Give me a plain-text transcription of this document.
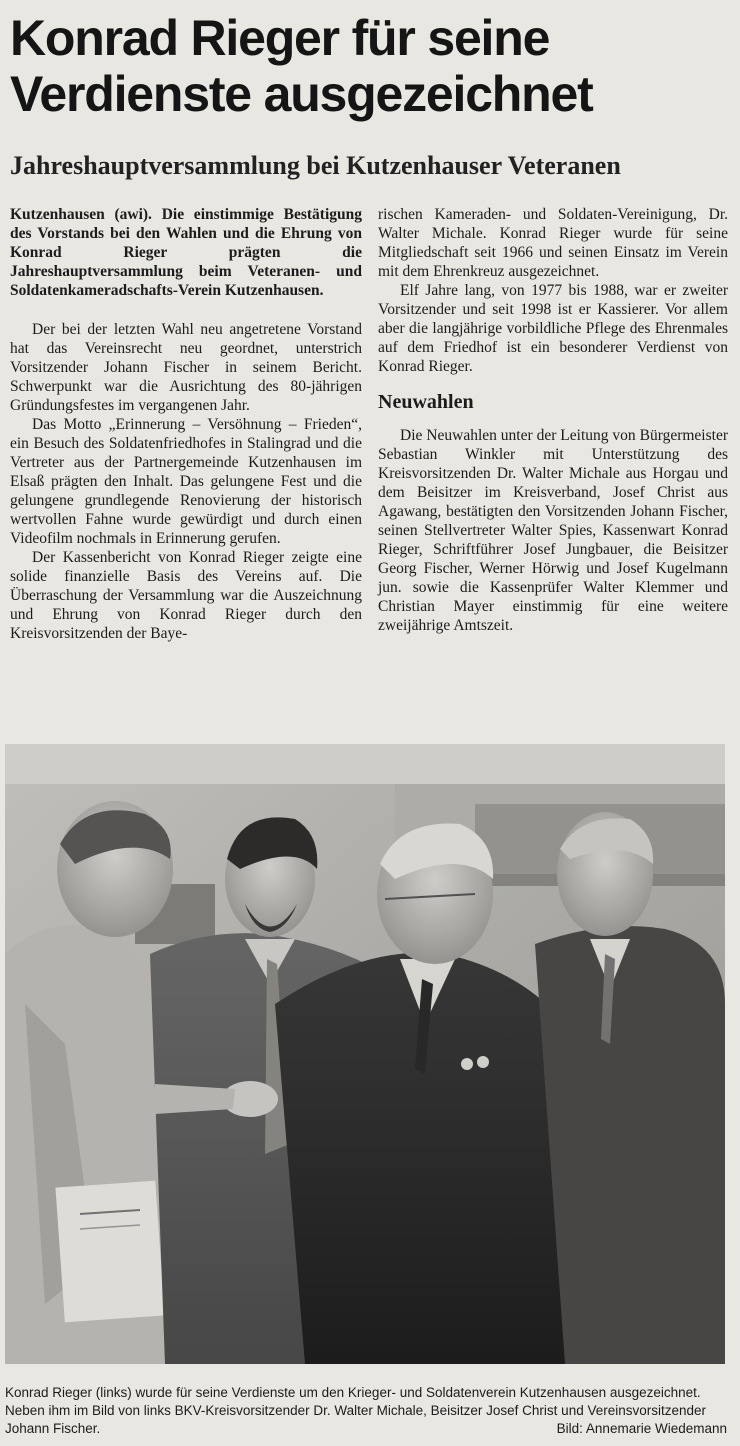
Konrad Rieger für seine Verdienste ausgezeichnet
Jahreshauptversammlung bei Kutzenhauser Veteranen

Kutzenhausen (awi). Die einstimmige Bestätigung des Vorstands bei den Wahlen und die Ehrung von Konrad Rieger prägten die Jahreshauptversammlung beim Veteranen- und Soldatenkameradschafts-Verein Kutzenhausen.

Der bei der letzten Wahl neu angetretene Vorstand hat das Vereinsrecht neu geordnet, unterstrich Vorsitzender Johann Fischer in seinem Bericht. Schwerpunkt war die Ausrichtung des 80-jährigen Gründungsfestes im vergangenen Jahr.

Das Motto „Erinnerung – Versöhnung – Frieden“, ein Besuch des Soldatenfriedhofes in Stalingrad und die Vertreter aus der Partnergemeinde Kutzenhausen im Elsaß prägten den Inhalt. Das gelungene Fest und die gelungene grundlegende Renovierung der historisch wertvollen Fahne wurde gewürdigt und durch einen Videofilm nochmals in Erinnerung gerufen.

Der Kassenbericht von Konrad Rieger zeigte eine solide finanzielle Basis des Vereins auf. Die Überraschung der Versammlung war die Auszeichnung und Ehrung von Konrad Rieger durch den Kreisvorsitzenden der Baye-

rischen Kameraden- und Soldaten-Vereinigung, Dr. Walter Michale. Konrad Rieger wurde für seine Mitgliedschaft seit 1966 und seinen Einsatz im Verein mit dem Ehrenkreuz ausgezeichnet.

Elf Jahre lang, von 1977 bis 1988, war er zweiter Vorsitzender und seit 1998 ist er Kassierer. Vor allem aber die langjährige vorbildliche Pflege des Ehrenmales auf dem Friedhof ist ein besonderer Verdienst von Konrad Rieger.

Neuwahlen

Die Neuwahlen unter der Leitung von Bürgermeister Sebastian Winkler mit Unterstützung des Kreisvorsitzenden Dr. Walter Michale aus Horgau und dem Beisitzer im Kreisverband, Josef Christ aus Agawang, bestätigten den Vorsitzenden Johann Fischer, seinen Stellvertreter Walter Spies, Kassenwart Konrad Rieger, Schriftführer Josef Jungbauer, die Beisitzer Georg Fischer, Werner Hörwig und Josef Kugelmann jun. sowie die Kassenprüfer Walter Klemmer und Christian Mayer einstimmig für eine weitere zweijährige Amtszeit.

Konrad Rieger (links) wurde für seine Verdienste um den Krieger- und Soldatenverein Kutzenhausen ausgezeichnet. Neben ihm im Bild von links BKV-Kreisvorsitzender Dr. Walter Michale, Beisitzer Josef Christ und Vereinsvorsitzender Johann Fischer.	Bild: Annemarie Wiedemann
